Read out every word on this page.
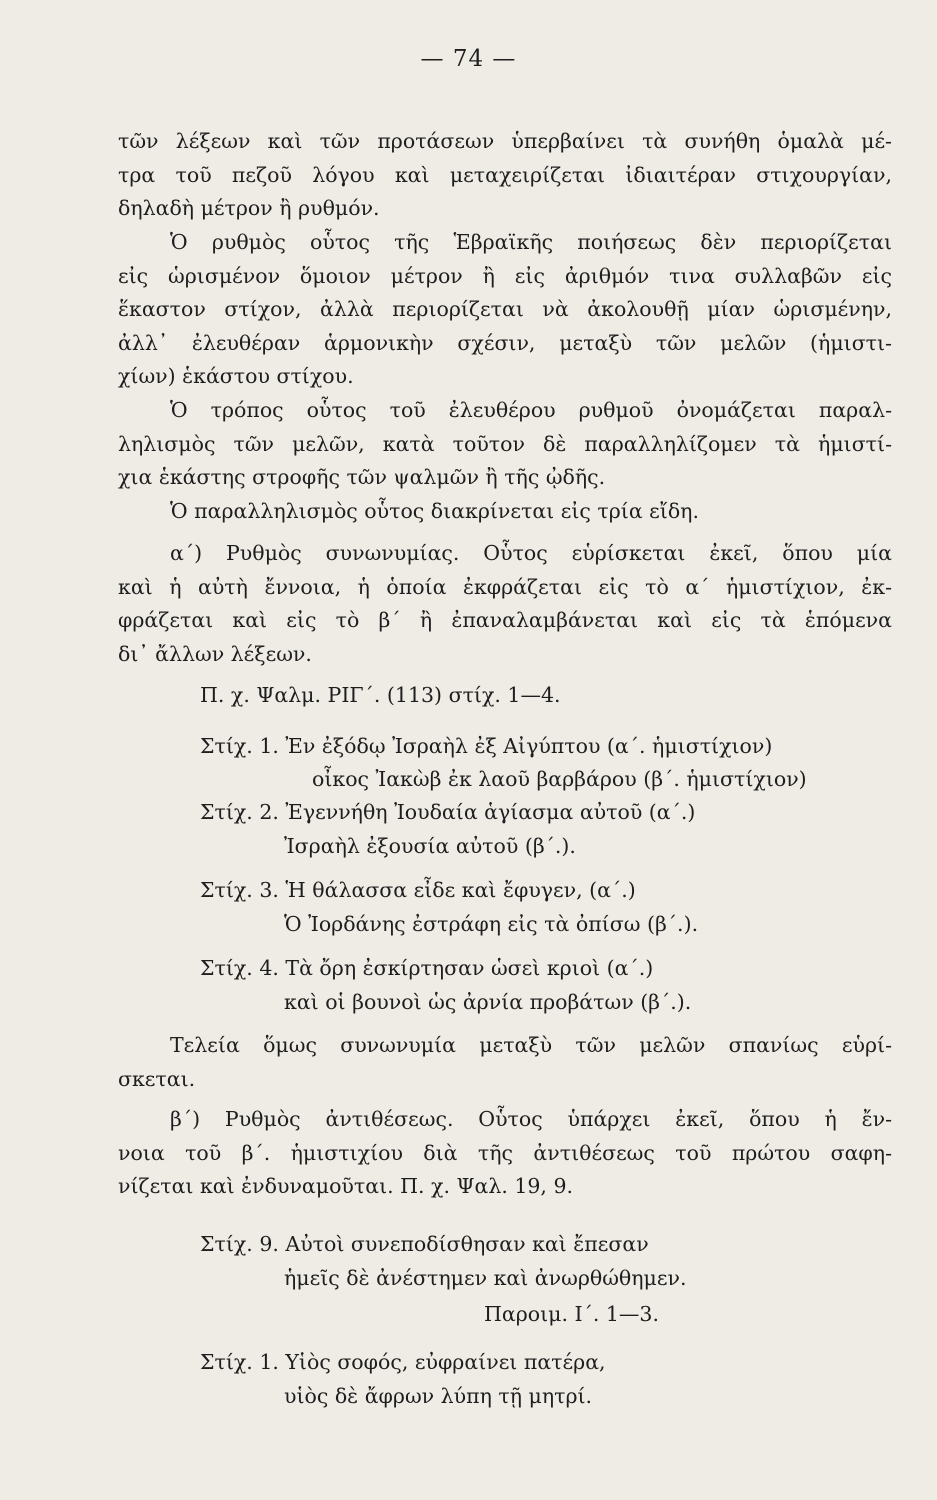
— 74 —
τῶν λέξεων καὶ τῶν προτάσεων ὑπερβαίνει τὰ συνήθη ὁμαλὰ μέ-
τρα τοῦ πεζοῦ λόγου καὶ μεταχειρίζεται ἰδιαιτέραν στιχουργίαν,
δηλαδὴ μέτρον ἢ ρυθμόν.
Ὁ ρυθμὸς οὗτος τῆς Ἑβραϊκῆς ποιήσεως δὲν περιορίζεται
εἰς ὡρισμένον ὅμοιον μέτρον ἢ εἰς ἀριθμόν τινα συλλαβῶν εἰς
ἕκαστον στίχον, ἀλλὰ περιορίζεται νὰ ἀκολουθῇ μίαν ὡρισμένην,
ἀλλ᾽ ἐλευθέραν ἁρμονικὴν σχέσιν, μεταξὺ τῶν μελῶν (ἡμιστι-
χίων) ἑκάστου στίχου.
Ὁ τρόπος οὗτος τοῦ ἐλευθέρου ρυθμοῦ ὀνομάζεται παραλ-
ληλισμὸς τῶν μελῶν, κατὰ τοῦτον δὲ παραλληλίζομεν τὰ ἡμιστί-
χια ἑκάστης στροφῆς τῶν ψαλμῶν ἢ τῆς ᾠδῆς.
Ὁ παραλληλισμὸς οὗτος διακρίνεται εἰς τρία εἴδη.
α΄) Ρυθμὸς συνωνυμίας. Οὗτος εὑρίσκεται ἐκεῖ, ὅπου μία
καὶ ἡ αὐτὴ ἔννοια, ἡ ὁποία ἐκφράζεται εἰς τὸ α΄ ἡμιστίχιον, ἐκ-
φράζεται καὶ εἰς τὸ β΄ ἢ ἐπαναλαμβάνεται καὶ εἰς τὰ ἑπόμενα
δι᾽ ἄλλων λέξεων.
Π. χ. Ψαλμ. ΡΙΓ΄. (113) στίχ. 1—4.
Στίχ. 1. Ἐν ἐξόδῳ Ἰσραὴλ ἐξ Αἰγύπτου (α΄. ἡμιστίχιον)
οἶκος Ἰακὼβ ἐκ λαοῦ βαρβάρου (β΄. ἡμιστίχιον)
Στίχ. 2. Ἐγεννήθη Ἰουδαία ἁγίασμα αὐτοῦ (α΄.)
Ἰσραὴλ ἐξουσία αὐτοῦ (β΄.).
Στίχ. 3. Ἡ θάλασσα εἶδε καὶ ἔφυγεν, (α΄.)
Ὁ Ἰορδάνης ἐστράφη εἰς τὰ ὀπίσω (β΄.).
Στίχ. 4. Τὰ ὄρη ἐσκίρτησαν ὡσεὶ κριοὶ (α΄.)
καὶ οἱ βουνοὶ ὡς ἀρνία προβάτων (β΄.).
Τελεία ὅμως συνωνυμία μεταξὺ τῶν μελῶν σπανίως εὑρί-
σκεται.
β΄) Ρυθμὸς ἀντιθέσεως. Οὗτος ὑπάρχει ἐκεῖ, ὅπου ἡ ἔν-
νοια τοῦ β΄. ἡμιστιχίου διὰ τῆς ἀντιθέσεως τοῦ πρώτου σαφη-
νίζεται καὶ ἐνδυναμοῦται. Π. χ. Ψαλ. 19, 9.
Στίχ. 9. Αὐτοὶ συνεποδίσθησαν καὶ ἔπεσαν
ἡμεῖς δὲ ἀνέστημεν καὶ ἀνωρθώθημεν.
Παροιμ. Ι΄. 1—3.
Στίχ. 1. Υἱὸς σοφός, εὐφραίνει πατέρα,
υἱὸς δὲ ἄφρων λύπη τῇ μητρί.
